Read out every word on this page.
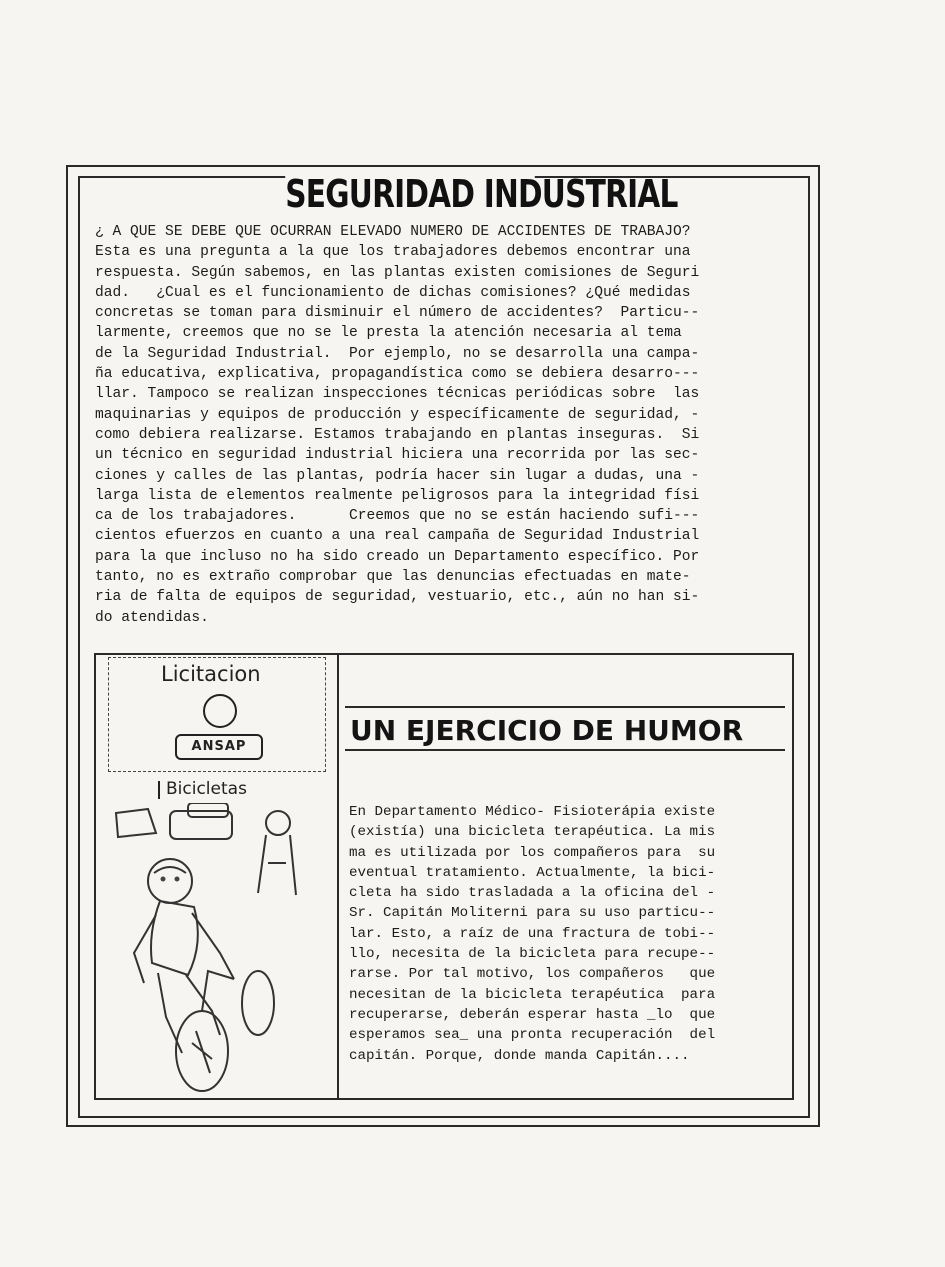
SEGURIDAD INDUSTRIAL

¿ A QUE SE DEBE QUE OCURRAN ELEVADO NUMERO DE ACCIDENTES DE TRABAJO?
Esta es una pregunta a la que los trabajadores debemos encontrar una
respuesta. Según sabemos, en las plantas existen comisiones de Seguri
dad.   ¿Cual es el funcionamiento de dichas comisiones? ¿Qué medidas
concretas se toman para disminuir el número de accidentes?  Particu--
larmente, creemos que no se le presta la atención necesaria al tema
de la Seguridad Industrial.  Por ejemplo, no se desarrolla una campa-
ña educativa, explicativa, propagandística como se debiera desarro---
llar. Tampoco se realizan inspecciones técnicas periódicas sobre  las
maquinarias y equipos de producción y específicamente de seguridad, -
como debiera realizarse. Estamos trabajando en plantas inseguras.  Si
un técnico en seguridad industrial hiciera una recorrida por las sec-
ciones y calles de las plantas, podría hacer sin lugar a dudas, una -
larga lista de elementos realmente peligrosos para la integridad físi
ca de los trabajadores.      Creemos que no se están haciendo sufi---
cientos efuerzos en cuanto a una real campaña de Seguridad Industrial
para la que incluso no ha sido creado un Departamento específico. Por
tanto, no es extraño comprobar que las denuncias efectuadas en mate-
ria de falta de equipos de seguridad, vestuario, etc., aún no han si-
do atendidas.

Licitacion
ANSAP
Bicicletas
UN EJERCICIO DE HUMOR

En Departamento Médico- Fisioterápia existe
(existía) una bicicleta terapéutica. La mis
ma es utilizada por los compañeros para  su
eventual tratamiento. Actualmente, la bici-
cleta ha sido trasladada a la oficina del -
Sr. Capitán Moliterni para su uso particu--
lar. Esto, a raíz de una fractura de tobi--
llo, necesita de la bicicleta para recupe--
rarse. Por tal motivo, los compañeros   que
necesitan de la bicicleta terapéutica  para
recuperarse, deberán esperar hasta _lo  que
esperamos sea_ una pronta recuperación  del
capitán. Porque, donde manda Capitán....
